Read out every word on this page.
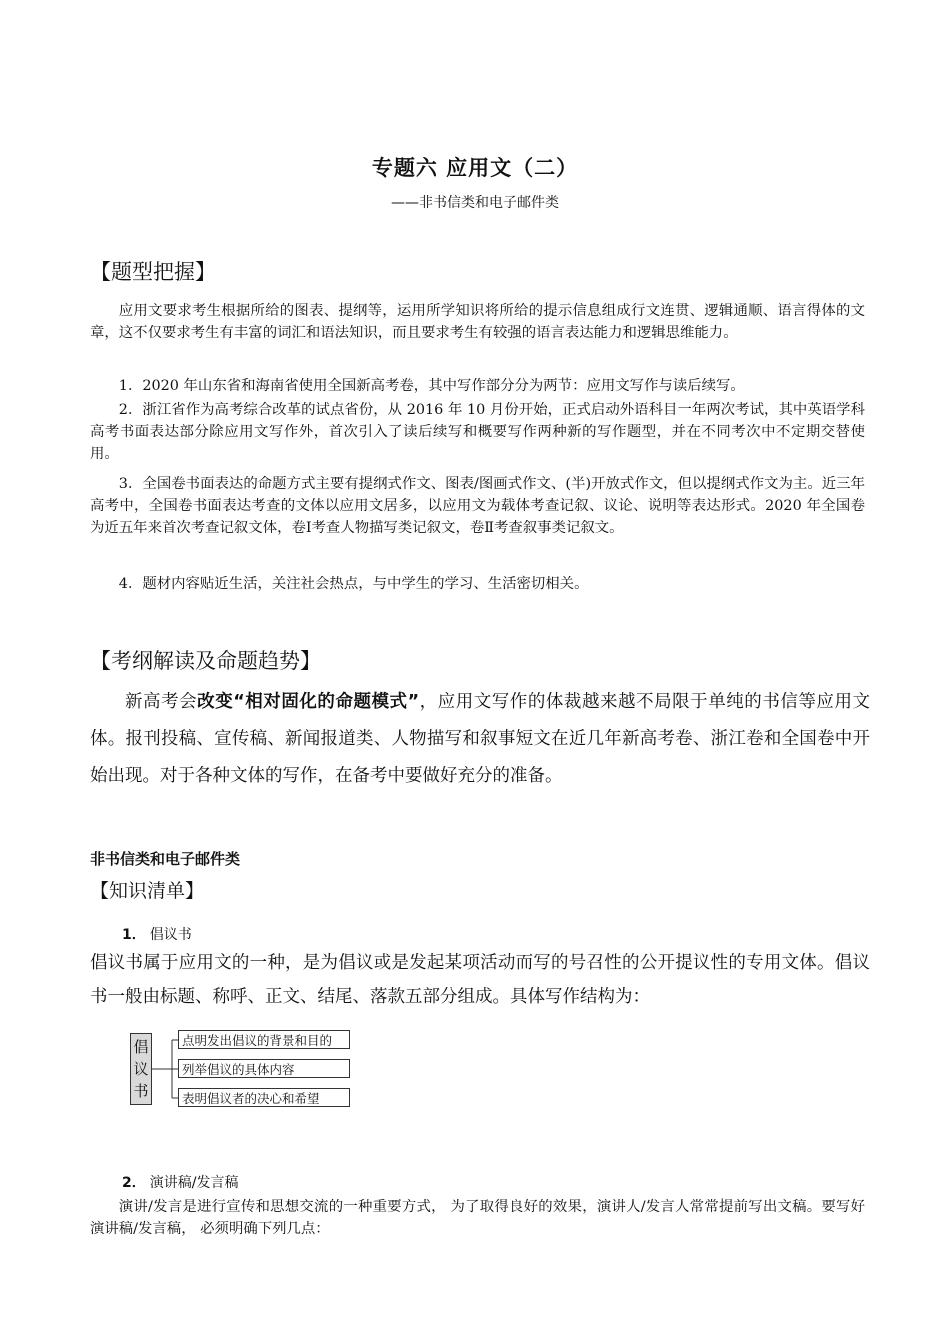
专题六 应用文（二）
——非书信类和电子邮件类
【题型把握】
应用文要求考生根据所给的图表、提纲等，运用所学知识将所给的提示信息组成行文连贯、逻辑通顺、语言得体的文章，这不仅要求考生有丰富的词汇和语法知识，而且要求考生有较强的语言表达能力和逻辑思维能力。
1．2020 年山东省和海南省使用全国新高考卷，其中写作部分分为两节：应用文写作与读后续写。
2．浙江省作为高考综合改革的试点省份，从 2016 年 10 月份开始，正式启动外语科目一年两次考试，其中英语学科高考书面表达部分除应用文写作外，首次引入了读后续写和概要写作两种新的写作题型，并在不同考次中不定期交替使用。
3．全国卷书面表达的命题方式主要有提纲式作文、图表/图画式作文、(半)开放式作文，但以提纲式作文为主。近三年高考中，全国卷书面表达考查的文体以应用文居多，以应用文为载体考查记叙、议论、说明等表达形式。2020 年全国卷为近五年来首次考查记叙文体，卷Ⅰ考查人物描写类记叙文，卷Ⅱ考查叙事类记叙文。
4．题材内容贴近生活，关注社会热点，与中学生的学习、生活密切相关。
【考纲解读及命题趋势】
新高考会改变“相对固化的命题模式”，应用文写作的体裁越来越不局限于单纯的书信等应用文体。报刊投稿、宣传稿、新闻报道类、人物描写和叙事短文在近几年新高考卷、浙江卷和全国卷中开始出现。对于各种文体的写作，在备考中要做好充分的准备。
非书信类和电子邮件类
【知识清单】
1． 倡议书
倡议书属于应用文的一种，是为倡议或是发起某项活动而写的号召性的公开提议性的专用文体。倡议书一般由标题、称呼、正文、结尾、落款五部分组成。具体写作结构为：
倡
议
书
点明发出倡议的背景和目的
列举倡议的具体内容
表明倡议者的决心和希望
2． 演讲稿/发言稿
演讲/发言是进行宣传和思想交流的一种重要方式， 为了取得良好的效果，演讲人/发言人常常提前写出文稿。要写好演讲稿/发言稿， 必须明确下列几点：
